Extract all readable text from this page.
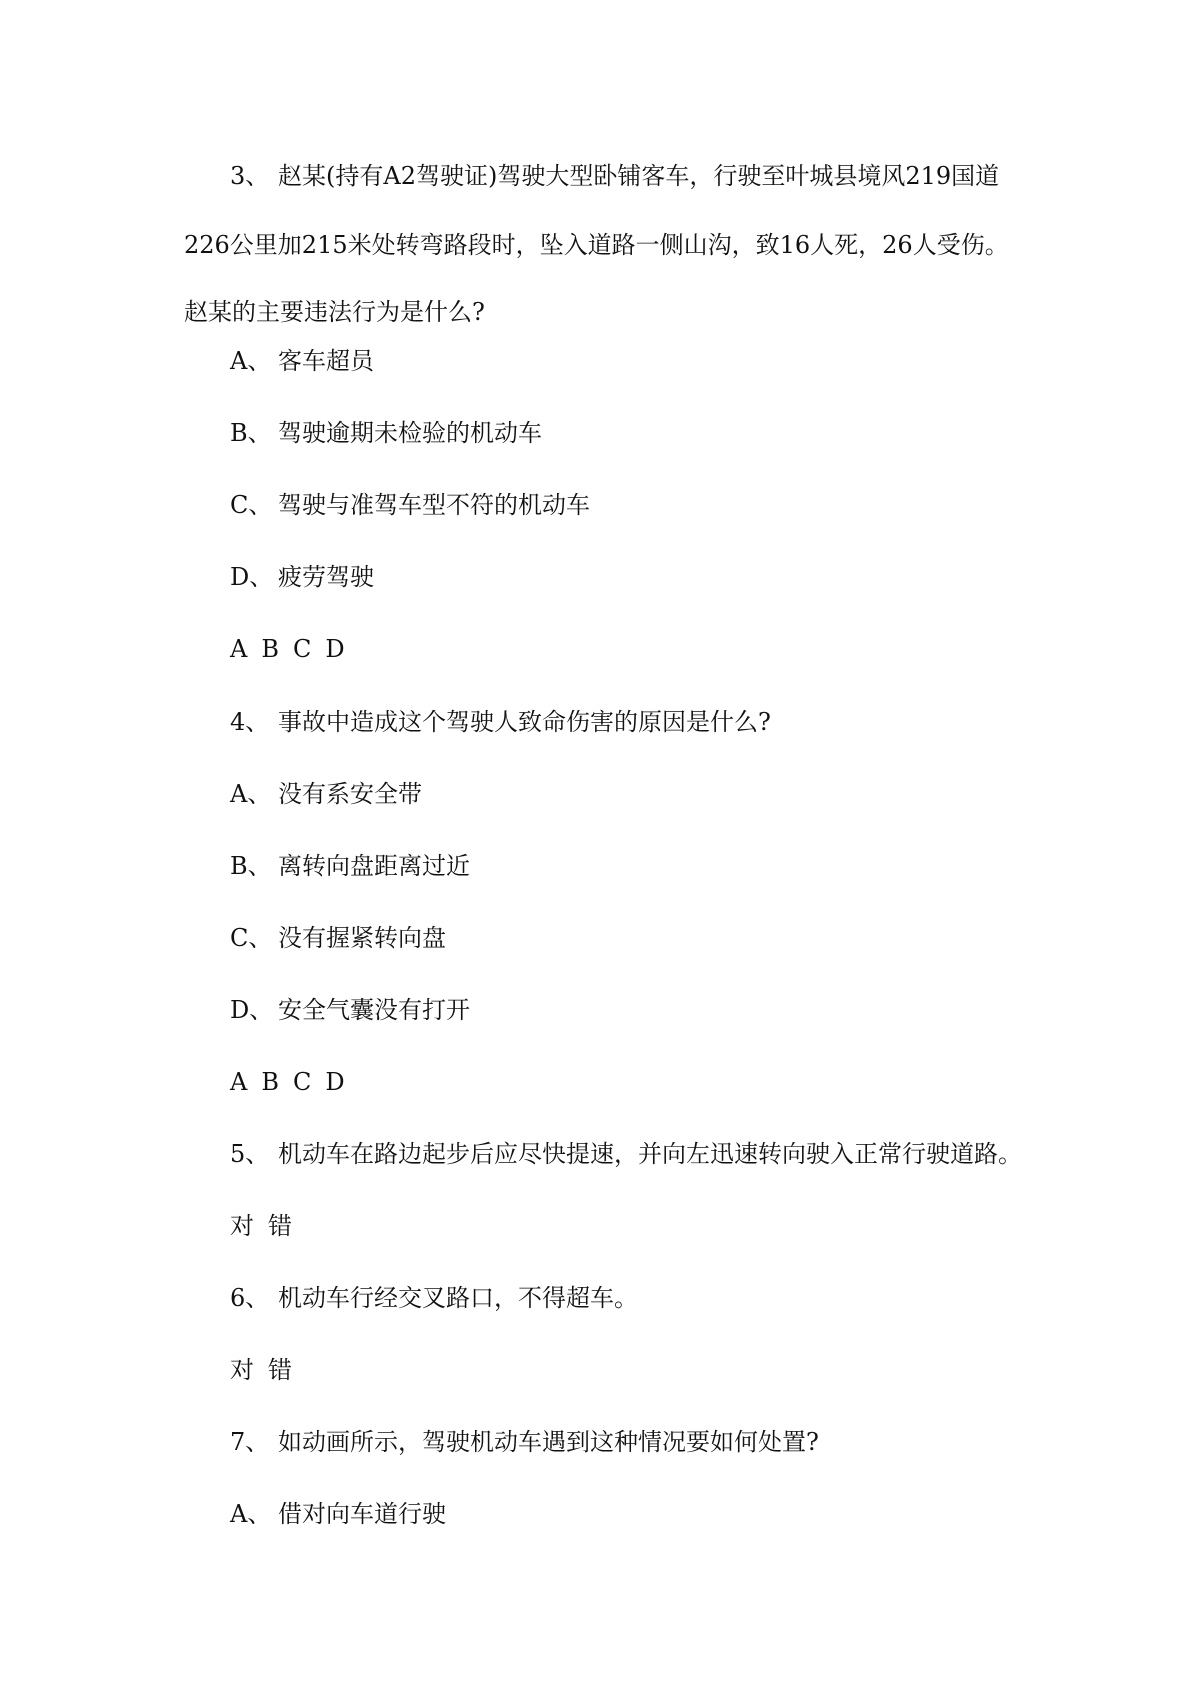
3、 赵某(持有A2驾驶证)驾驶大型卧铺客车，行驶至叶城县境风219国道
226公里加215米处转弯路段时，坠入道路一侧山沟，致16人死，26人受伤。
赵某的主要违法行为是什么?
A、 客车超员
B、 驾驶逾期未检验的机动车
C、 驾驶与准驾车型不符的机动车
D、 疲劳驾驶
A B C D
4、 事故中造成这个驾驶人致命伤害的原因是什么?
A、 没有系安全带
B、 离转向盘距离过近
C、 没有握紧转向盘
D、 安全气囊没有打开
A B C D
5、 机动车在路边起步后应尽快提速，并向左迅速转向驶入正常行驶道路。
对 错
6、 机动车行经交叉路口，不得超车。
对 错
7、 如动画所示，驾驶机动车遇到这种情况要如何处置?
A、 借对向车道行驶
